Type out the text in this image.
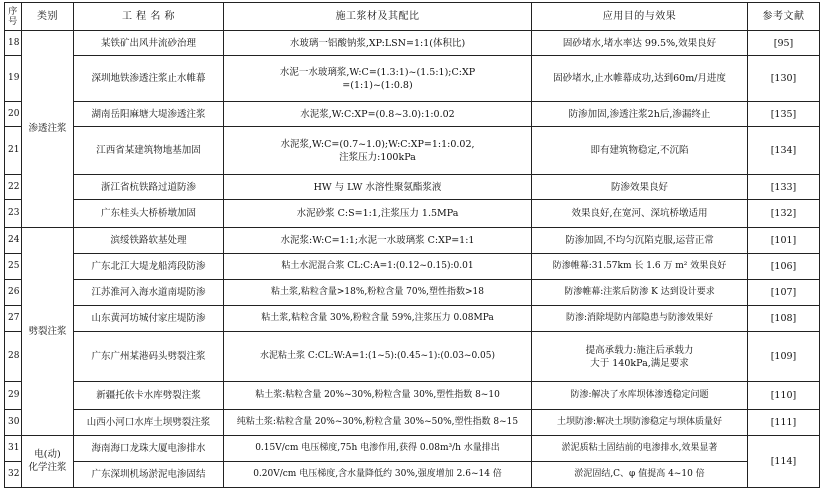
序号	类别	工 程 名 称	施工浆材及其配比	应用目的与效果	参考文献
18	渗透注浆	某铁矿出风井流砂治理	水玻璃一铝酸钠浆,XP:LSN=1:1(体积比)	固砂堵水,堵水率达 99.5%,效果良好	[95]
19		深圳地铁渗透注浆止水帷幕	水泥一水玻璃浆,W:C=(1.3:1)~(1.5:1);C:XP
=(1:1)~(1:0.8)	固砂堵水,止水帷幕成功,达到60m/月进度	[130]
20		湖南岳阳麻塘大堤渗透注浆	水泥浆,W:C:XP=(0.8~3.0):1:0.02	防渗加固,渗透注浆2h后,渗漏终止	[135]
21		江西省某建筑物地基加固	水泥浆,W:C=(0.7~1.0);W:C:XP=1:1:0.02,
注浆压力:100kPa	即有建筑物稳定,不沉陷	[134]
22		浙江省杭铁路过道防渗	HW 与 LW 水溶性聚氨酯浆液	防渗效果良好	[133]
23		广东桂头大桥桥墩加固	水泥砂浆 C:S=1:1,注浆压力 1.5MPa	效果良好,在宽河、深坑桥墩适用	[132]
24	劈裂注浆	滨绥铁路软基处理	水泥浆:W:C=1:1;水泥一水玻璃浆 C:XP=1:1	防渗加固,不均匀沉陷克服,运营正常	[101]
25		广东北江大堤龙船湾段防渗	粘土水泥混合浆 CL:C:A=1:(0.12~0.15):0.01	防渗帷幕:31.57km 长 1.6 万 m² 效果良好	[106]
26		江苏淮河入海水道南堤防渗	粘土浆,粘粒含量>18%,粉粒含量 70%,塑性指数>18	防渗帷幕:注浆后防渗 K 达到设计要求	[107]
27		山东黄河坊城付家庄堤防渗	粘土浆,粘粒含量 30%,粉粒含量 59%,注浆压力 0.08MPa	防渗:消除堤防内部隐患与防渗效果好	[108]
28		广东广州某港码头劈裂注浆	水泥粘土浆 C:CL:W:A=1:(1~5):(0.45~1):(0.03~0.05)	提高承载力:施注后承载力
大于 140kPa,满足要求	[109]
29		新疆托依卡水库劈裂注浆	粘土浆:粘粒含量 20%~30%,粉粒含量 30%,塑性指数 8~10	防渗:解决了水库坝体渗透稳定问题	[110]
30		山西小河口水库土坝劈裂注浆	纯粘土浆:粘粒含量 20%~30%,粉粒含量 30%~50%,塑性指数 8~15	土坝防渗:解决土坝防渗稳定与坝体质量好	[111]
31	电(动)
化学注浆	海南海口龙珠大厦电渗排水	0.15V/cm 电压梯度,75h 电渗作用,获得 0.08m³/h 水量排出	淤泥质粘土固结前的电渗排水,效果显著	[114]
32		广东深圳机场淤泥电渗固结	0.20V/cm 电压梯度,含水量降低约 30%,强度增加 2.6~14 倍	淤泥固结,C、φ 值提高 4~10 倍	
